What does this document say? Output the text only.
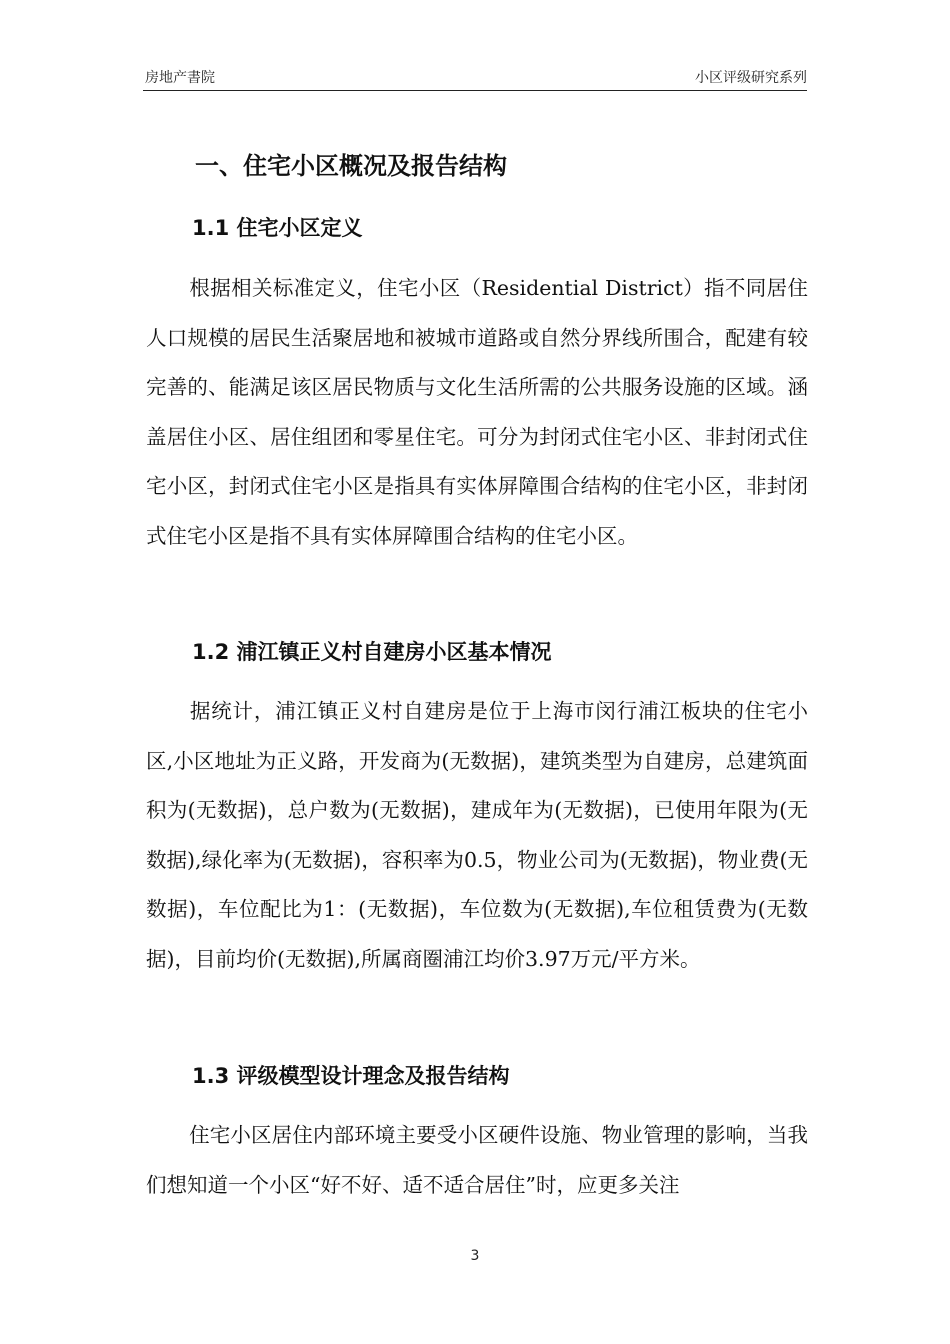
房地产書院	小区评级研究系列
一、住宅小区概况及报告结构
1.1 住宅小区定义
根据相关标准定义，住宅小区（Residential District）指不同居住人口规模的居民生活聚居地和被城市道路或自然分界线所围合，配建有较完善的、能满足该区居民物质与文化生活所需的公共服务设施的区域。涵盖居住小区、居住组团和零星住宅。可分为封闭式住宅小区、非封闭式住宅小区，封闭式住宅小区是指具有实体屏障围合结构的住宅小区，非封闭式住宅小区是指不具有实体屏障围合结构的住宅小区。
1.2 浦江镇正义村自建房小区基本情况
据统计，浦江镇正义村自建房是位于上海市闵行浦江板块的住宅小区,小区地址为正义路，开发商为(无数据)，建筑类型为自建房，总建筑面积为(无数据)，总户数为(无数据)，建成年为(无数据)，已使用年限为(无数据),绿化率为(无数据)，容积率为0.5，物业公司为(无数据)，物业费(无数据)，车位配比为1：(无数据)，车位数为(无数据),车位租赁费为(无数据)，目前均价(无数据),所属商圈浦江均价3.97万元/平方米。
1.3 评级模型设计理念及报告结构
住宅小区居住内部环境主要受小区硬件设施、物业管理的影响，当我们想知道一个小区“好不好、适不适合居住”时，应更多关注
3
